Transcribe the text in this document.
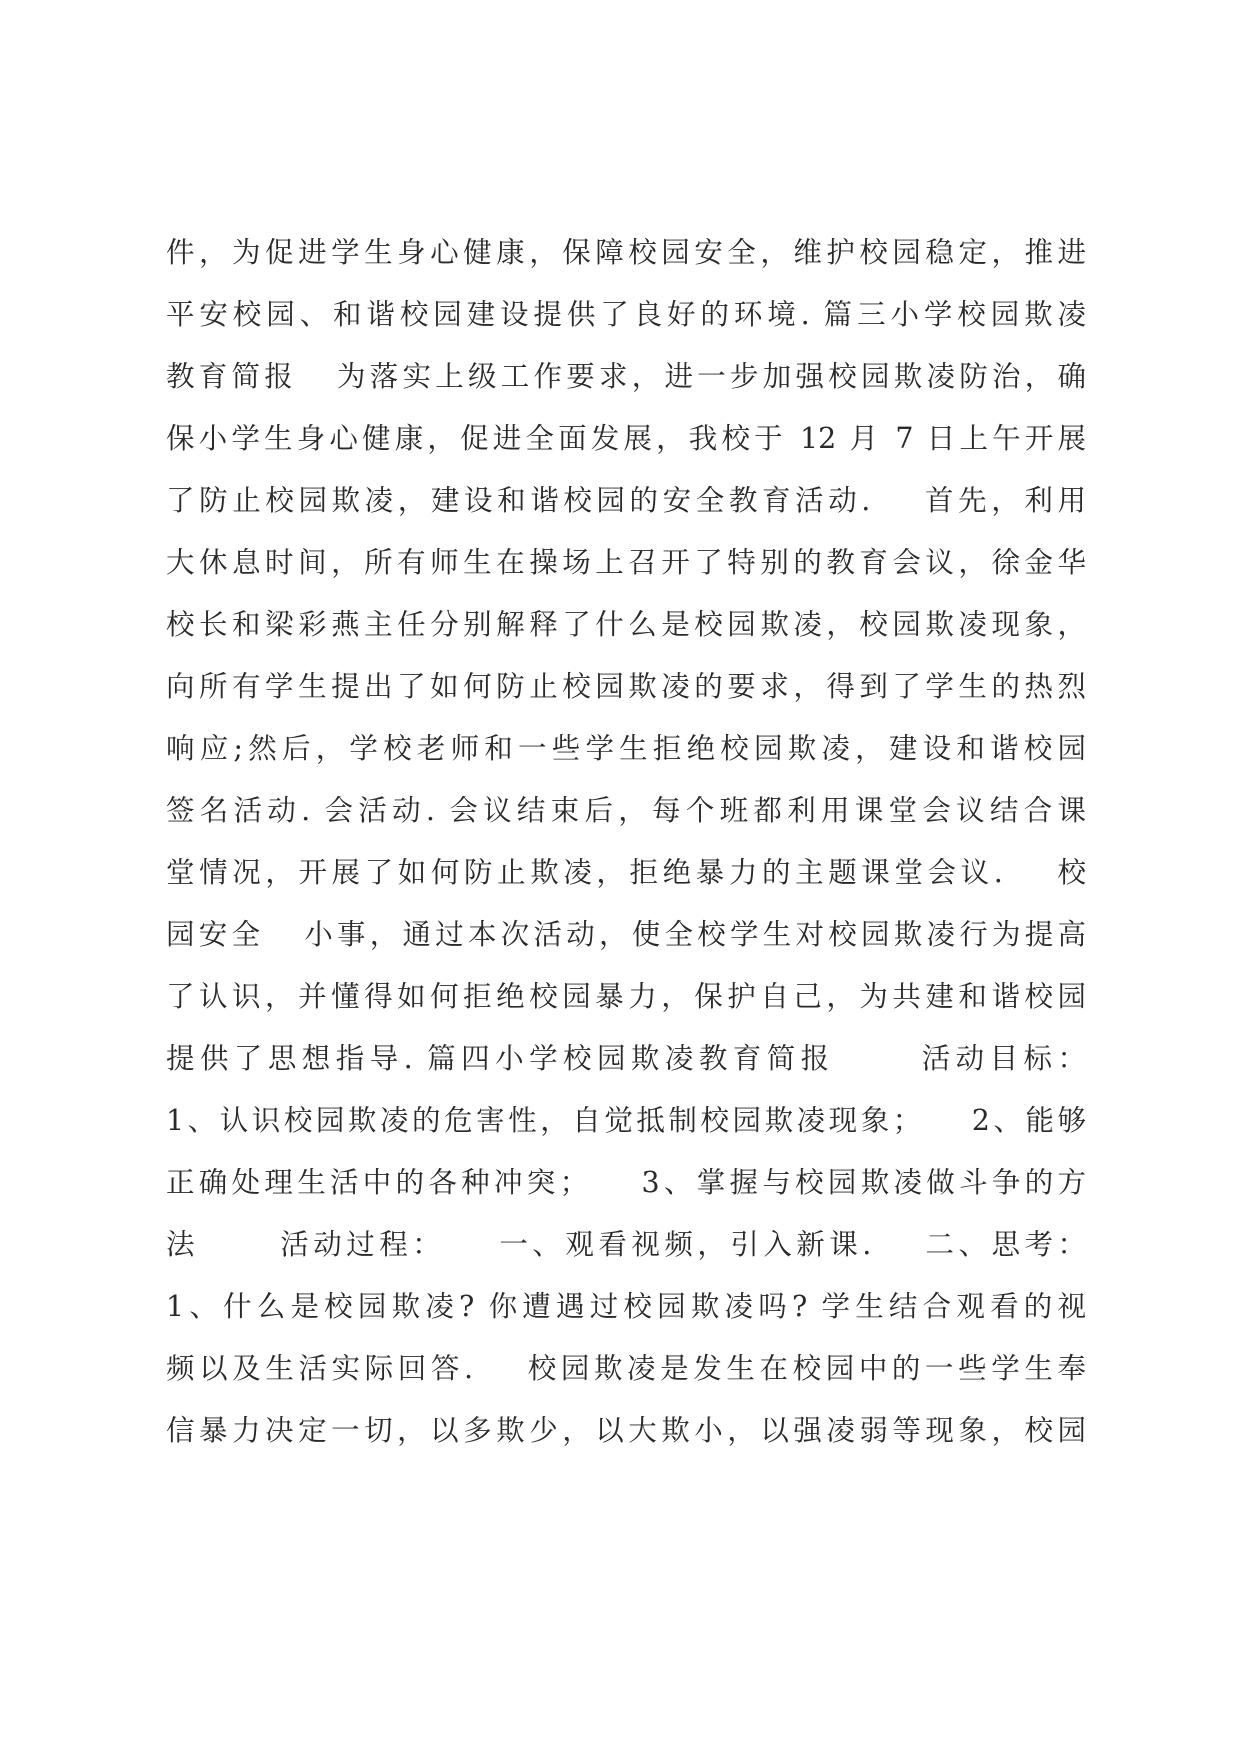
件，为促进学生身心健康，保障校园安全，维护校园稳定，推进
平安校园、和谐校园建设提供了良好的环境. 篇三小学校园欺凌
教育简报   为落实上级工作要求，进一步加强校园欺凌防治，确
保小学生身心健康，促进全面发展，我校于 12 月 7 日上午开展
了防止校园欺凌，建设和谐校园的安全教育活动.    首先，利用
大休息时间，所有师生在操场上召开了特别的教育会议，徐金华
校长和梁彩燕主任分别解释了什么是校园欺凌，校园欺凌现象，
向所有学生提出了如何防止校园欺凌的要求，得到了学生的热烈
响应;然后，学校老师和一些学生拒绝校园欺凌，建设和谐校园
签名活动. 会活动. 会议结束后，每个班都利用课堂会议结合课
堂情况，开展了如何防止欺凌，拒绝暴力的主题课堂会议.    校
园安全   小事，通过本次活动，使全校学生对校园欺凌行为提高
了认识，并懂得如何拒绝校园暴力，保护自己，为共建和谐校园
提供了思想指导. 篇四小学校园欺凌教育简报      活动目标：
1、认识校园欺凌的危害性，自觉抵制校园欺凌现象；    2、能够
正确处理生活中的各种冲突；    3、掌握与校园欺凌做斗争的方
法      活动过程：    一、观看视频，引入新课.    二、思考：
1、什么是校园欺凌? 你遭遇过校园欺凌吗? 学生结合观看的视
频以及生活实际回答.    校园欺凌是发生在校园中的一些学生奉
信暴力决定一切，以多欺少，以大欺小，以强凌弱等现象，校园
